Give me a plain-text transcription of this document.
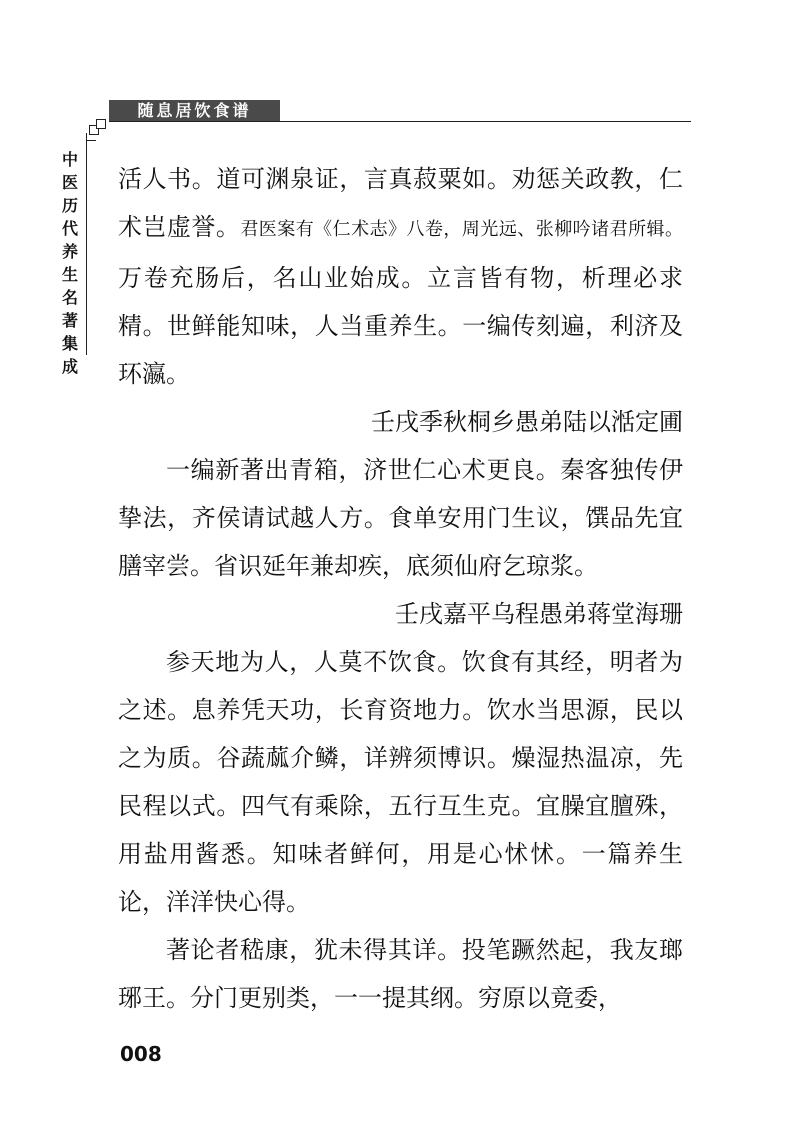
随息居饮食谱
中医历代养生名著集成

活人书。道可渊泉证，言真菽粟如。劝惩关政教，仁术岂虚誉。君医案有《仁术志》八卷，周光远、张柳吟诸君所辑。万卷充肠后，名山业始成。立言皆有物，析理必求精。世鲜能知味，人当重养生。一编传刻遍，利济及环瀛。

壬戌季秋桐乡愚弟陆以湉定圃

一编新著出青箱，济世仁心术更良。秦客独传伊挚法，齐侯请试越人方。食单安用门生议，馔品先宜膳宰尝。省识延年兼却疾，底须仙府乞琼浆。

壬戌嘉平乌程愚弟蒋堂海珊

参天地为人，人莫不饮食。饮食有其经，明者为之述。息养凭天功，长育资地力。饮水当思源，民以之为质。谷蔬蓏介鳞，详辨须博识。燥湿热温凉，先民程以式。四气有乘除，五行互生克。宜臊宜膻殊，用盐用酱悉。知味者鲜何，用是心怵怵。一篇养生论，洋洋快心得。

著论者嵇康，犹未得其详。投笔蹶然起，我友瑯琊王。分门更别类，一一提其纲。穷原以竟委，

008
